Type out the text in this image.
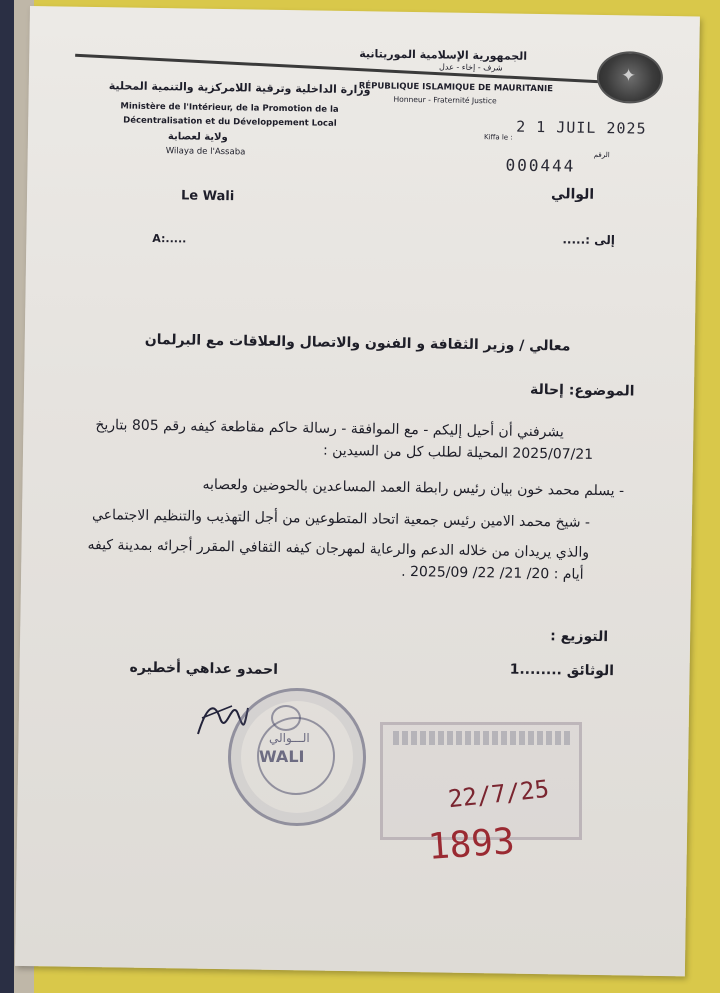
الجمهورية الإسلامية الموريتانية
شرف - إخاء - عدل	✦
RÉPUBLIQUE ISLAMIQUE DE MAURITANIE
Honneur - Fraternité Justice
وزارة الداخلية وترقية اللامركزية والتنمية المحلية
Ministère de l'Intérieur, de la Promotion de la
Décentralisation et du Développement Local
ولاية لعصابة
Wilaya de l'Assaba
Kiffa le : 2 1 JUIL 2025
الرقم
000444
Le Wali	الوالي
A:.....	إلى :.....
معالي / وزير الثقافة و الفنون والاتصال والعلاقات مع البرلمان
الموضوع: إحالة
يشرفني أن أحيل إليكم - مع الموافقة - رسالة حاكم مقاطعة كيفه رقم 805 بتاريخ
2025/07/21 المحيلة لطلب كل من السيدين :
- يسلم محمد خون بيان رئيس رابطة العمد المساعدين بالحوضين ولعصابه
- شيخ محمد الامين رئيس جمعية اتحاد المتطوعين من أجل التهذيب والتنظيم الاجتماعي
والذي يريدان من خلاله الدعم والرعاية لمهرجان كيفه الثقافي المقرر أجرائه بمدينة كيفه
أيام : 20/ 21/ 22/ 2025/09 .
التوزيع :
الوثائق ........1
احمدو عداهي أخطيره
الـــوالي
WALI
22/7/25
1893
